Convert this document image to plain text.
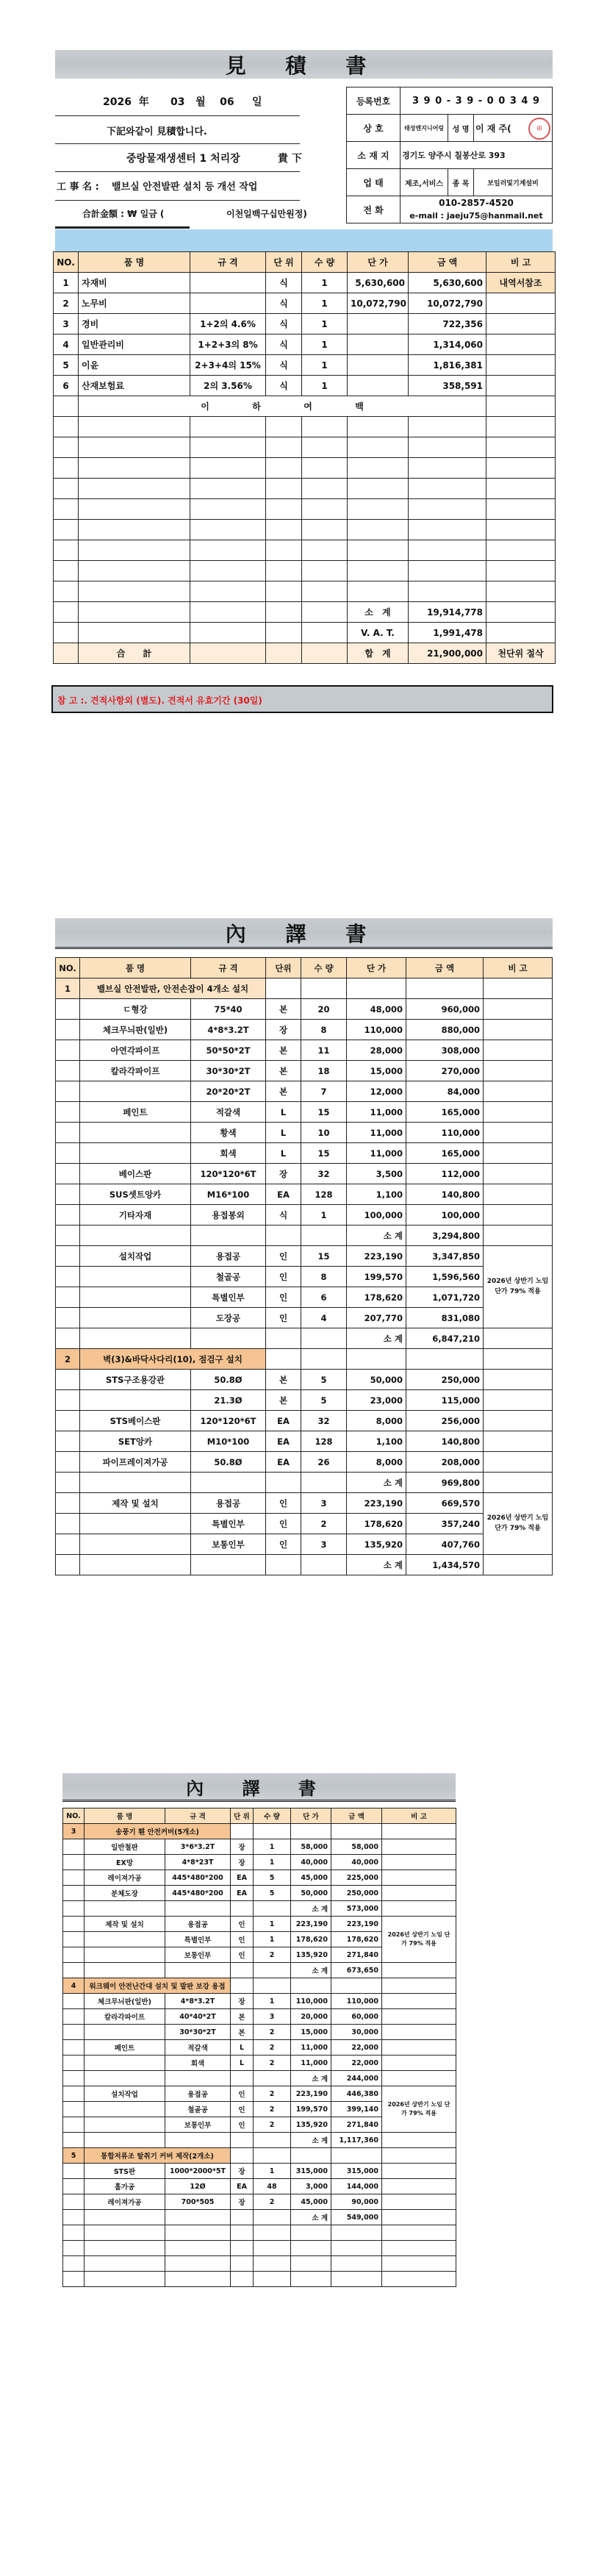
見 積 書
2026 年 03 월 06 일
下記와같이 見積합니다.
중랑물재생센터 1 처리장	貴 下
工 事 名 : 밸브실 안전발판 설치 등 개선 작업
合計金額 : ₩ 일금 (	이천일백구십만원정)
등록번호	3 9 0 - 3 9 - 0 0 3 4 9		
상 호	태성엔지니어링	성 명	이 재 주( 印

소 재 지	경기도 양주시 칠봉산로 393		
업 태	제조,서비스	종 목	보일러및기계설비
전 화	010-2857-4520
e-mail : jaeju75@hanmail.net		
NO.	품 명	규 격	단 위	수 량	단 가	금 액	비 고
1	자재비		식	1	5,630,600	5,630,600	내역서참조
2	노무비		식	1	10,072,790	10,072,790	
3	경비	1+2의 4.6%	식	1		722,356	
4	일반관리비	1+2+3의 8%	식	1		1,314,060	
5	이윤	2+3+4의 15%	식	1		1,816,381	
6	산재보험료	2의 3.56%	식	1		358,591	
	이 하 여 백						

					소　계	19,914,778	
					V. A. T.	1,991,478	
	合　　計				합　계	21,900,000	천단위 절삭
참 고 :. 견적사항외 (별도). 견적서 유효기간 (30일)
內 譯 書
NO.	품 명	규 격	단위	수 량	단 가	금 액	비 고
1	밸브실 안전발판, 안전손잡이 4개소 설치						
	ㄷ형강	75*40	본	20	48,000	960,000	
	체크무늬판(일반)	4*8*3.2T	장	8	110,000	880,000	
	아연각파이프	50*50*2T	본	11	28,000	308,000	
	칼라각파이프	30*30*2T	본	18	15,000	270,000	
		20*20*2T	본	7	12,000	84,000	
	페인트	적갈색	L	15	11,000	165,000	
		황색	L	10	11,000	110,000	
		회색	L	15	11,000	165,000	
	베이스판	120*120*6T	장	32	3,500	112,000	
	SUS셋트앙카	M16*100	EA	128	1,100	140,800	
	기타자재	용접봉외	식	1	100,000	100,000	
					소 계	3,294,800	
	설치작업	용접공	인	15	223,190	3,347,850	2026년 상반기 노임 단가 79% 적용
		철골공	인	8	199,570	1,596,560	
		특별인부	인	6	178,620	1,071,720	
		도장공	인	4	207,770	831,080	
					소 계	6,847,210	
2	벽(3)&바닥사다리(10), 점검구 설치						
	STS구조용강관	50.8Ø	본	5	50,000	250,000	
		21.3Ø	본	5	23,000	115,000	
	STS베이스판	120*120*6T	EA	32	8,000	256,000	
	SET앙카	M10*100	EA	128	1,100	140,800	
	파이프레이져가공	50.8Ø	EA	26	8,000	208,000	
					소 계	969,800	
	제작 및 설치	용접공	인	3	223,190	669,570	2026년 상반기 노임 단가 79% 적용
		특별인부	인	2	178,620	357,240	
		보통인부	인	3	135,920	407,760	
					소 계	1,434,570	
內 譯 書
NO.	품 명	규 격	단 위	수 량	단 가	금 액	비 고
3	송풍기 휀 안전커버(5개소)						
	일반철판	3*6*3.2T	장	1	58,000	58,000	
	EX망	4*8*23T	장	1	40,000	40,000	
	레이져가공	445*480*200	EA	5	45,000	225,000	
	분체도장	445*480*200	EA	5	50,000	250,000	
					소 계	573,000	
	제작 및 설치	용접공	인	1	223,190	223,190	2026년 상반기 노임 단가 79% 적용
		특별인부	인	1	178,620	178,620	
		보통인부	인	2	135,920	271,840	
					소 계	673,650	
4	워크웨이 안전난간대 설치 및 발판 보강 용접						
	체크무늬판(일반)	4*8*3.2T	장	1	110,000	110,000	
	칼라각파이프	40*40*2T	본	3	20,000	60,000	
		30*30*2T	본	2	15,000	30,000	
	페인트	적갈색	L	2	11,000	22,000	
		회색	L	2	11,000	22,000	
					소 계	244,000	
	설치작업	용접공	인	2	223,190	446,380	2026년 상반기 노임 단가 79% 적용
		철골공	인	2	199,570	399,140	
		보통인부	인	2	135,920	271,840	
					소 계	1,117,360	
5	통합저류조 탈취기 커버 제작(2개소)						
	STS판	1000*2000*5T	장	1	315,000	315,000	
	홀가공	12Ø	EA	48	3,000	144,000	
	레이져가공	700*505	장	2	45,000	90,000	
					소 계	549,000	
